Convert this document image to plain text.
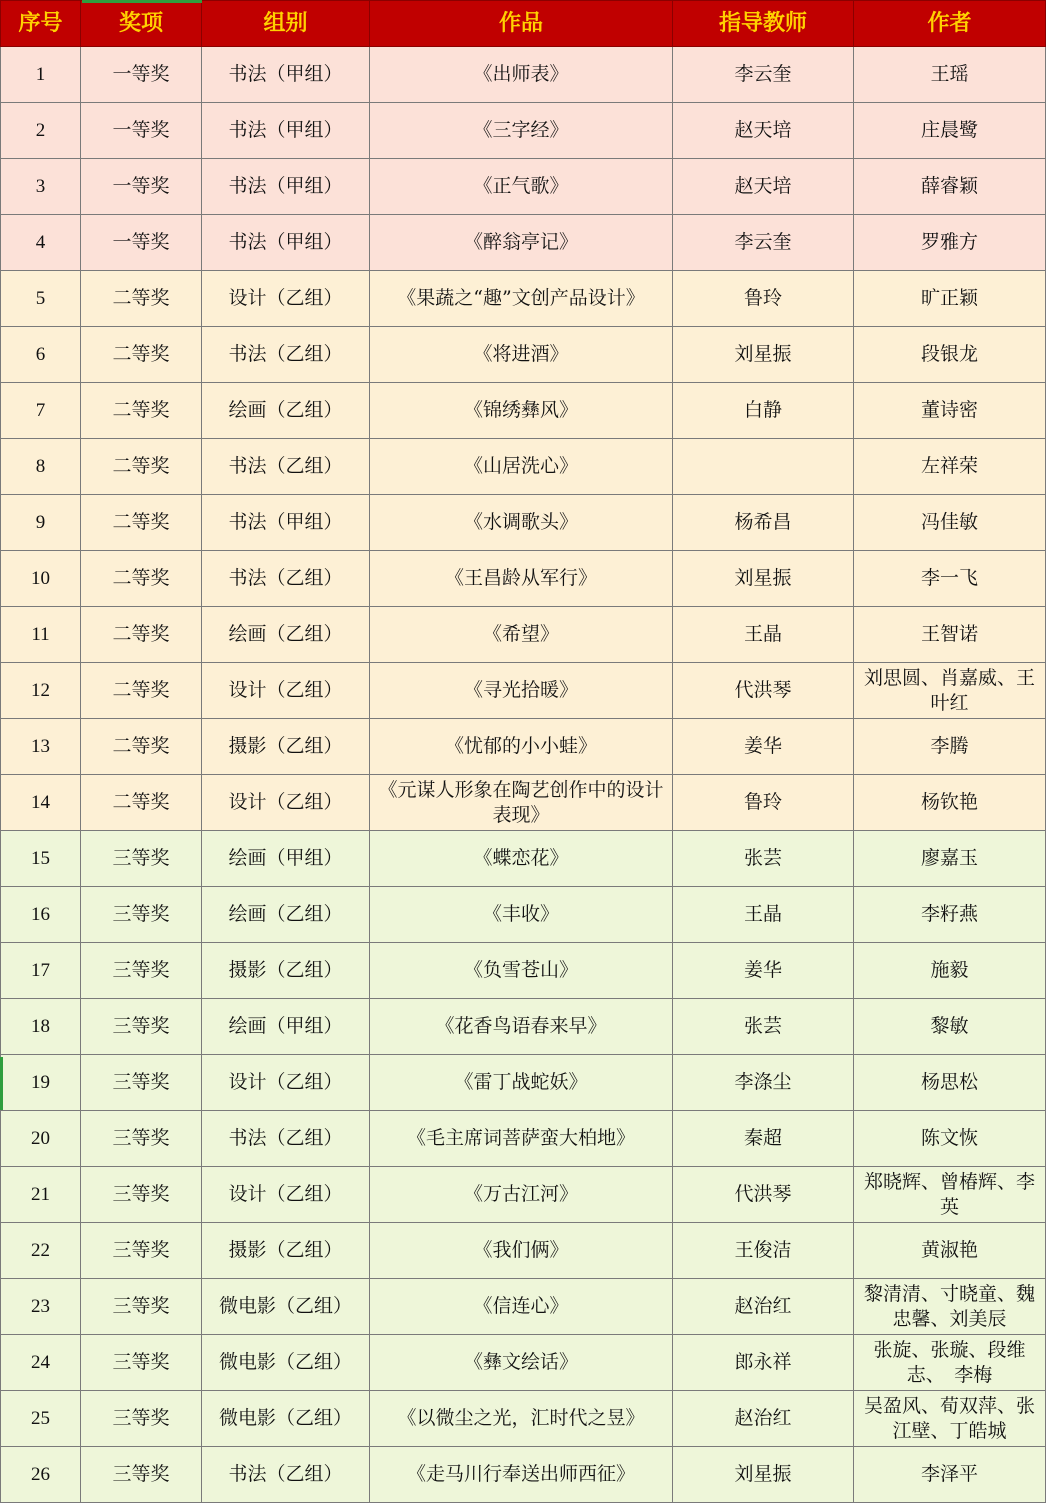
序号	奖项	组别	作品	指导教师	作者
1	一等奖	书法（甲组）	《出师表》	李云奎	王瑶
2	一等奖	书法（甲组）	《三字经》	赵天培	庄晨鹭
3	一等奖	书法（甲组）	《正气歌》	赵天培	薛睿颖
4	一等奖	书法（甲组）	《醉翁亭记》	李云奎	罗雅方
5	二等奖	设计（乙组）	《果蔬之“趣”文创产品设计》	鲁玲	旷正颖
6	二等奖	书法（乙组）	《将进酒》	刘星振	段银龙
7	二等奖	绘画（乙组）	《锦绣彝风》	白静	董诗密
8	二等奖	书法（乙组）	《山居洗心》		左祥荣
9	二等奖	书法（甲组）	《水调歌头》	杨希昌	冯佳敏
10	二等奖	书法（乙组）	《王昌龄从军行》	刘星振	李一飞
11	二等奖	绘画（乙组）	《希望》	王晶	王智诺
12	二等奖	设计（乙组）	《寻光拾暖》	代洪琴	刘思圆、肖嘉威、王叶红
13	二等奖	摄影（乙组）	《忧郁的小小蛙》	姜华	李腾
14	二等奖	设计（乙组）	《元谋人形象在陶艺创作中的设计表现》	鲁玲	杨钦艳
15	三等奖	绘画（甲组）	《蝶恋花》	张芸	廖嘉玉
16	三等奖	绘画（乙组）	《丰收》	王晶	李籽燕
17	三等奖	摄影（乙组）	《负雪苍山》	姜华	施毅
18	三等奖	绘画（甲组）	《花香鸟语春来早》	张芸	黎敏
19	三等奖	设计（乙组）	《雷丁战蛇妖》	李涤尘	杨思松
20	三等奖	书法（乙组）	《毛主席词菩萨蛮大柏地》	秦超	陈文恢
21	三等奖	设计（乙组）	《万古江河》	代洪琴	郑晓辉、曾椿辉、李英
22	三等奖	摄影（乙组）	《我们俩》	王俊洁	黄淑艳
23	三等奖	微电影（乙组）	《信连心》	赵治红	黎清清、寸晓童、魏忠馨、刘美辰
24	三等奖	微电影（乙组）	《彝文绘话》	郎永祥	张旋、张璇、段维志、　李梅
25	三等奖	微电影（乙组）	《以微尘之光，汇时代之昱》	赵治红	吴盈风、荀双萍、张江壁、丁皓城
26	三等奖	书法（乙组）	《走马川行奉送出师西征》	刘星振	李泽平
